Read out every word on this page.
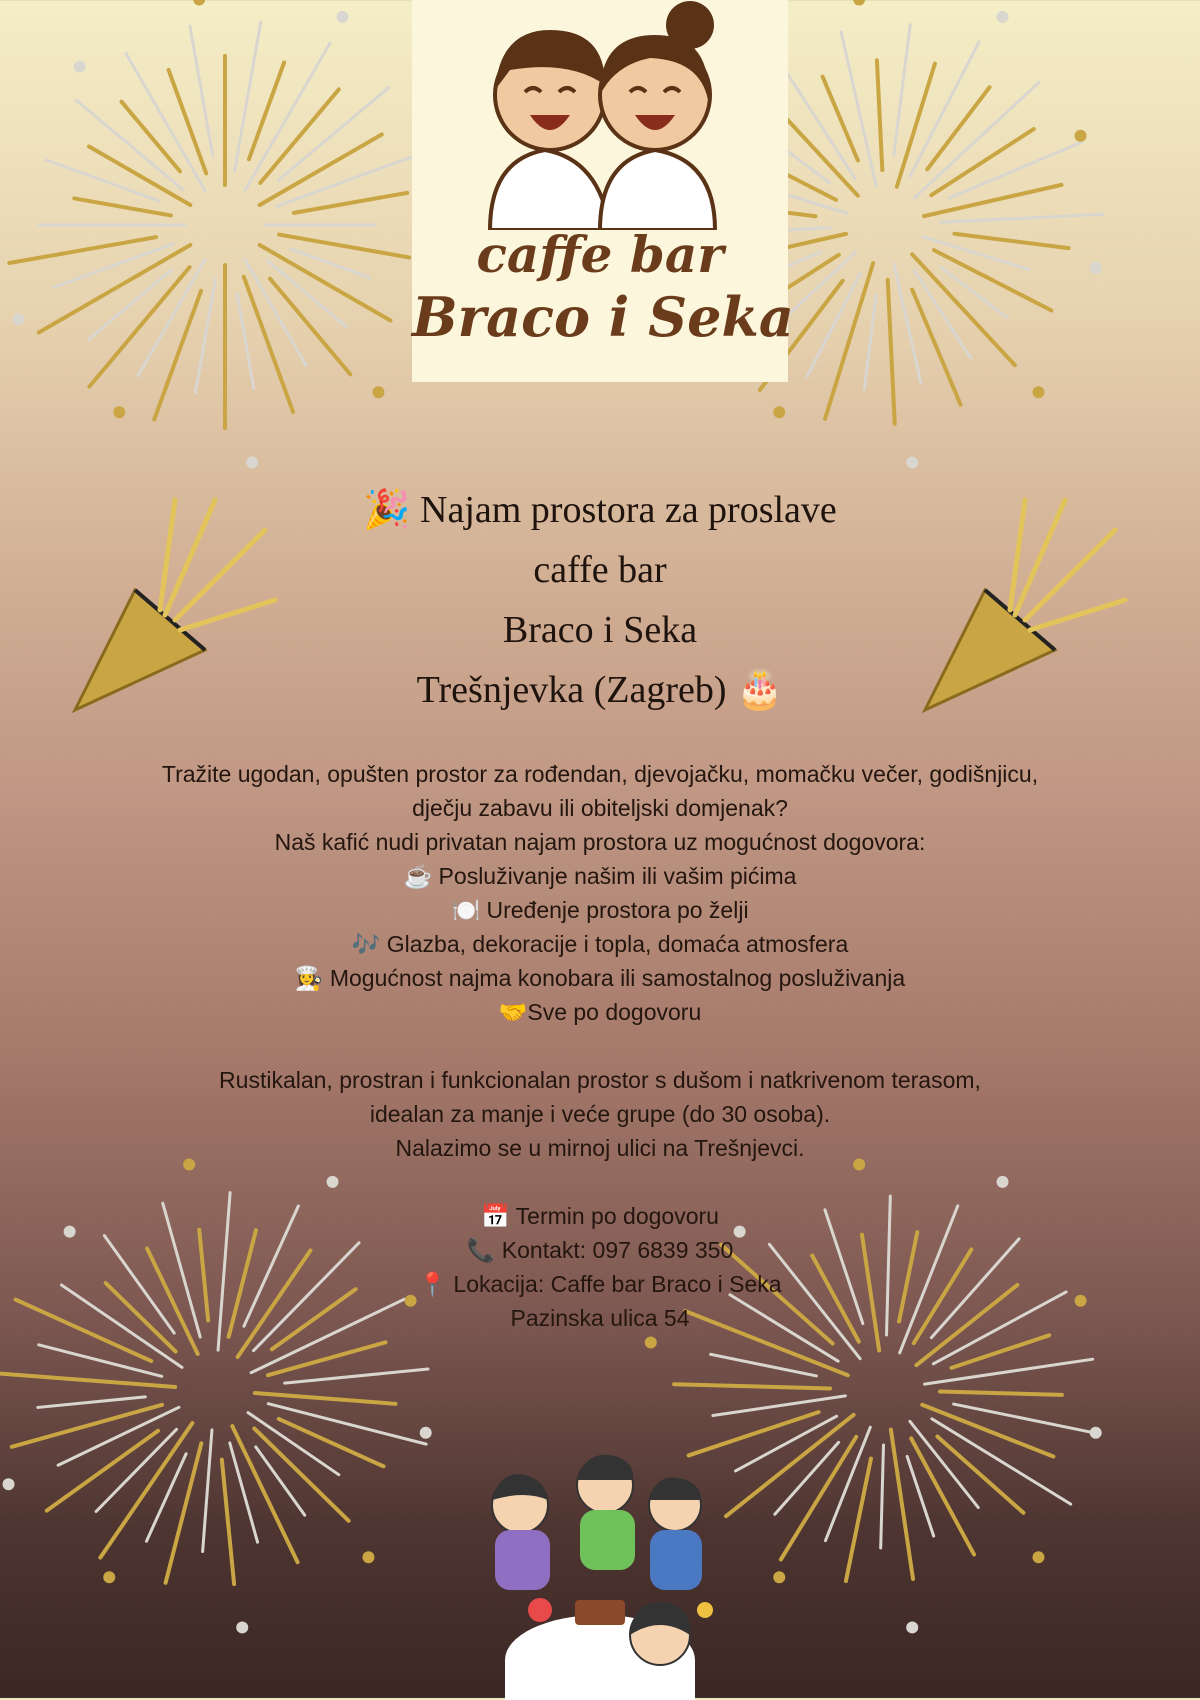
caffe bar
Braco i Seka
🎉 Najam prostora za proslave
caffe bar
Braco i Seka
Trešnjevka (Zagreb) 🎂
Tražite ugodan, opušten prostor za rođendan, djevojačku, momačku večer, godišnjicu,
dječju zabavu ili obiteljski domjenak?
Naš kafić nudi privatan najam prostora uz mogućnost dogovora:
☕ Posluživanje našim ili vašim pićima
🍽️ Uređenje prostora po želji
🎶 Glazba, dekoracije i topla, domaća atmosfera
👩‍🍳 Mogućnost najma konobara ili samostalnog posluživanja
🤝Sve po dogovoru
Rustikalan, prostran i funkcionalan prostor s dušom i natkrivenom terasom,
idealan za manje i veće grupe (do 30 osoba).
Nalazimo se u mirnoj ulici na Trešnjevci.
📅 Termin po dogovoru
📞 Kontakt: 097 6839 350
📍 Lokacija: Caffe bar Braco i Seka
Pazinska ulica 54
